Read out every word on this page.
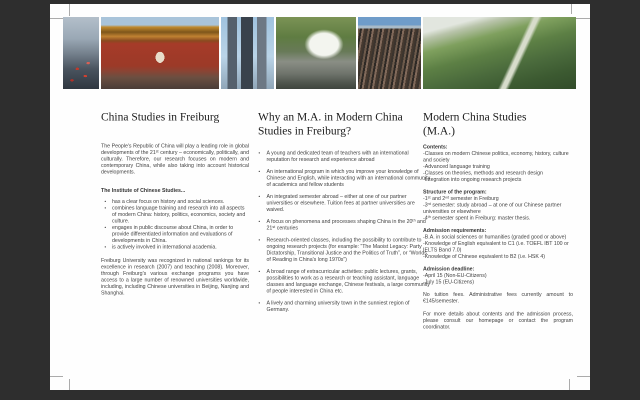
China Studies in Freiburg

The People's Republic of China will play a leading role in global developments of the 21ˢᵗ century – economically, politically, and culturally. Therefore, our research focuses on modern and contemporary China, while also taking into account historical developments.

The Institute of Chinese Studies...

• has a clear focus on history and social sciences.
• combines language training and research into all aspects of modern China: history, politics, economics, society and culture.
• engages in public discourse about China, in order to provide differentiated information and evaluations of developments in China.
• is actively involved in international academia.

Freiburg University was recognized in national rankings for its excellence in research (2007) and teaching (2008). Moreover, through Freiburg's various exchange programs you have access to a large number of renowned universities worldwide, including, including Chinese universities in Beijing, Nanjing and Shanghai.

Why an M.A. in Modern China Studies in Freiburg?
• A young and dedicated team of teachers with an international reputation for research and experience abroad
• An international program in which you improve your knowledge of Chinese and English, while interacting with an international community of academics and fellow students
• An integrated semester abroad – either at one of our partner universities or elsewhere. Tuition fees at partner universities are waived.
• A focus on phenomena and processes shaping China in the 20ᵗʰ and 21ˢᵗ centuries
• Research-oriented classes, including the possibility to contribute to ongoing research projects (for example: “The Maoist Legacy: Party Dictatorship, Transitional Justice and the Politics of Truth”, or “Worlds of Reading in China's long 1970s”)
• A broad range of extracurricular activities: public lectures, grants, possibilities to work as a research or teaching assistant, language classes and language exchange, Chinese festivals, a large community of people interested in China etc.
• A lively and charming university town in the sunniest region of Germany.
Modern China Studies (M.A.)
Contents:
- Classes on modern Chinese politics, economy, history, culture and society
- Advanced language training
- Classes on theories, methods and research design
- Integration into ongoing research projects
Structure of the program:
- 1ˢᵗ and 2ⁿᵈ semester in Freiburg
- 3ʳᵈ semester: study abroad – at one of our Chinese partner universities or elsewhere
- 4ᵗʰ semester spent in Freiburg: master thesis.
Admission requirements:
- B.A. in social sciences or humanities (graded good or above)
- Knowledge of English equivalent to C1 (i.e. TOEFL IBT 100 or IELTS Band 7.0)
- Knowledge of Chinese equivalent to B2 (i.e. HSK 4)
Admission deadline:
- April 15 (Non-EU-Citizens)
- July 15 (EU-Citizens)

No tuition fees. Administrative fees currently amount to €145/semester.

For more details about contents and the admission process, please consult our homepage or contact the program coordinator.
